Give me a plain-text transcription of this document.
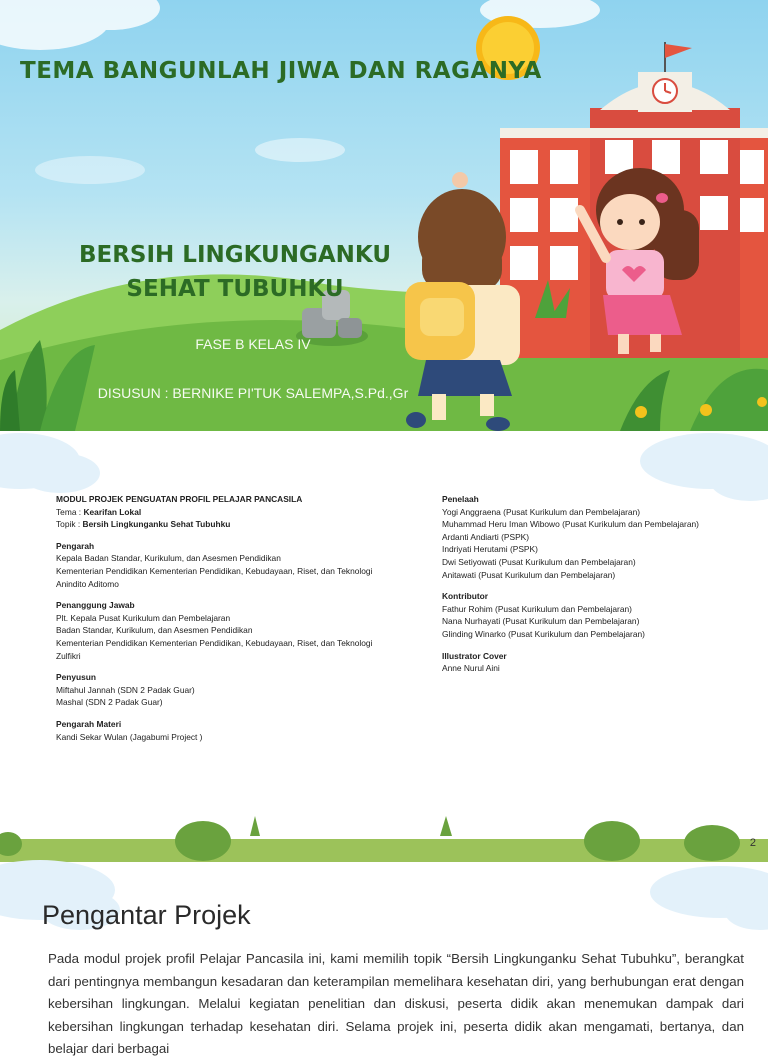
TEMA BANGUNLAH JIWA DAN RAGANYA
BERSIH LINGKUNGANKU SEHAT TUBUHKU
FASE B KELAS IV
DISUSUN : BERNIKE PI'TUK SALEMPA,S.Pd.,Gr
MODUL PROJEK PENGUATAN PROFIL PELAJAR PANCASILA
Tema : Kearifan Lokal
Topik : Bersih Lingkunganku Sehat Tubuhku
Pengarah
Kepala Badan Standar, Kurikulum, dan Asesmen Pendidikan
Kementerian Pendidikan Kementerian Pendidikan, Kebudayaan, Riset, dan Teknologi
Anindito Aditomo
Penanggung Jawab
Plt. Kepala Pusat Kurikulum dan Pembelajaran
Badan Standar, Kurikulum, dan Asesmen Pendidikan
Kementerian Pendidikan Kementerian Pendidikan, Kebudayaan, Riset, dan Teknologi
Zulfikri
Penyusun
Miftahul Jannah (SDN 2 Padak Guar)
Mashal (SDN 2 Padak Guar)
Pengarah Materi
Kandi Sekar Wulan (Jagabumi Project )
Penelaah
Yogi Anggraena (Pusat Kurikulum dan Pembelajaran)
Muhammad Heru Iman Wibowo (Pusat Kurikulum dan Pembelajaran)
Ardanti Andiarti (PSPK)
Indriyati Herutami (PSPK)
Dwi Setiyowati (Pusat Kurikulum dan Pembelajaran)
Anitawati (Pusat Kurikulum dan Pembelajaran)
Kontributor
Fathur Rohim (Pusat Kurikulum dan Pembelajaran)
Nana Nurhayati (Pusat Kurikulum dan Pembelajaran)
Glinding Winarko (Pusat Kurikulum dan Pembelajaran)
Illustrator Cover
Anne Nurul Aini
2
Pengantar Projek
Pada modul projek profil Pelajar Pancasila ini, kami memilih topik “Bersih Lingkunganku Sehat Tubuhku”, berangkat dari pentingnya membangun kesadaran dan keterampilan memelihara kesehatan diri, yang berhubungan erat dengan kebersihan lingkungan. Melalui kegiatan penelitian dan diskusi, peserta didik akan menemukan dampak dari kebersihan lingkungan terhadap kesehatan diri. Selama projek ini, peserta didik akan mengamati, bertanya, dan belajar dari berbagai
